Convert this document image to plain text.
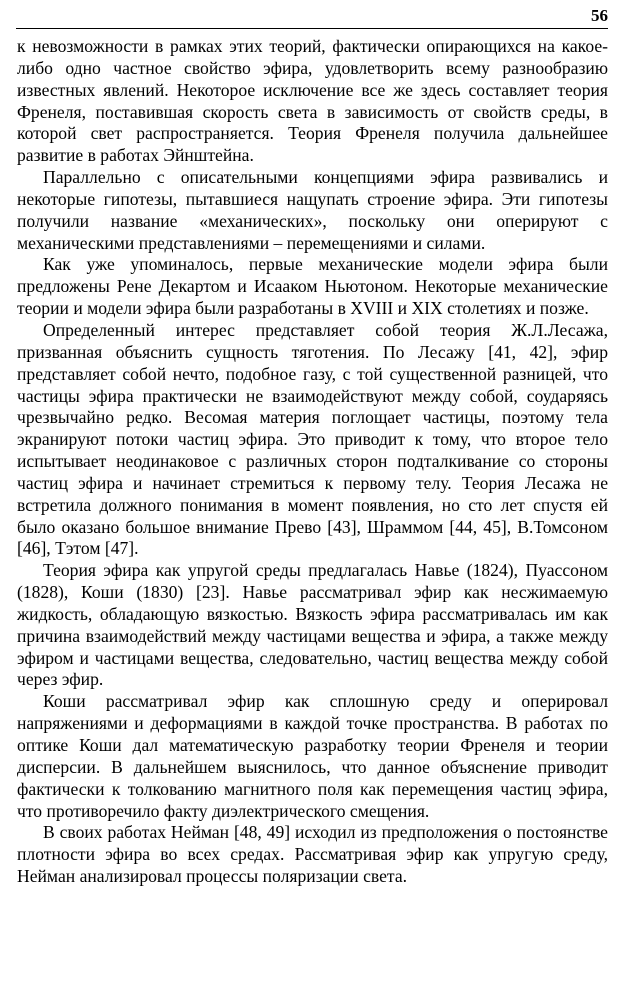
56

к невозможности в рамках этих теорий, фактически опирающихся на какое-либо одно частное свойство эфира, удовлетворить всему разнообразию известных явлений. Некоторое исключение все же здесь составляет теория Френеля, поставившая скорость света в зависимость от свойств среды, в которой свет распространяется. Теория Френеля получила дальнейшее развитие в работах Эйнштейна.

Параллельно с описательными концепциями эфира развивались и некоторые гипотезы, пытавшиеся нащупать строение эфира. Эти гипотезы получили название «механических», поскольку они оперируют с механическими представлениями – перемещениями и силами.

Как уже упоминалось, первые механические модели эфира были предложены Рене Декартом и Исааком Ньютоном. Некоторые механические теории и модели эфира были разработаны в XVIII и XIX столетиях и позже.

Определенный интерес представляет собой теория Ж.Л.Лесажа, призванная объяснить сущность тяготения. По Лесажу [41, 42], эфир представляет собой нечто, подобное газу, с той существенной разницей, что частицы эфира практически не взаимодействуют между собой, соударяясь чрезвычайно редко. Весомая материя поглощает частицы, поэтому тела экранируют потоки частиц эфира. Это приводит к тому, что второе тело испытывает неодинаковое с различных сторон подталкивание со стороны частиц эфира и начинает стремиться к первому телу. Теория Лесажа не встретила должного понимания в момент появления, но сто лет спустя ей было оказано большое внимание Прево [43], Шраммом [44, 45], В.Томсоном [46], Тэтом [47].

Теория эфира как упругой среды предлагалась Навье (1824), Пуассоном (1828), Коши (1830) [23]. Навье рассматривал эфир как несжимаемую жидкость, обладающую вязкостью. Вязкость эфира рассматривалась им как причина взаимодействий между частицами вещества и эфира, а также между эфиром и частицами вещества, следовательно, частиц вещества между собой через эфир.

Коши рассматривал эфир как сплошную среду и оперировал напряжениями и деформациями в каждой точке пространства. В работах по оптике Коши дал математическую разработку теории Френеля и теории дисперсии. В дальнейшем выяснилось, что данное объяснение приводит фактически к толкованию магнитного поля как перемещения частиц эфира, что противоречило факту диэлектрического смещения.

В своих работах Нейман [48, 49] исходил из предположения о постоянстве плотности эфира во всех средах. Рассматривая эфир как упругую среду, Нейман анализировал процессы поляризации света.
